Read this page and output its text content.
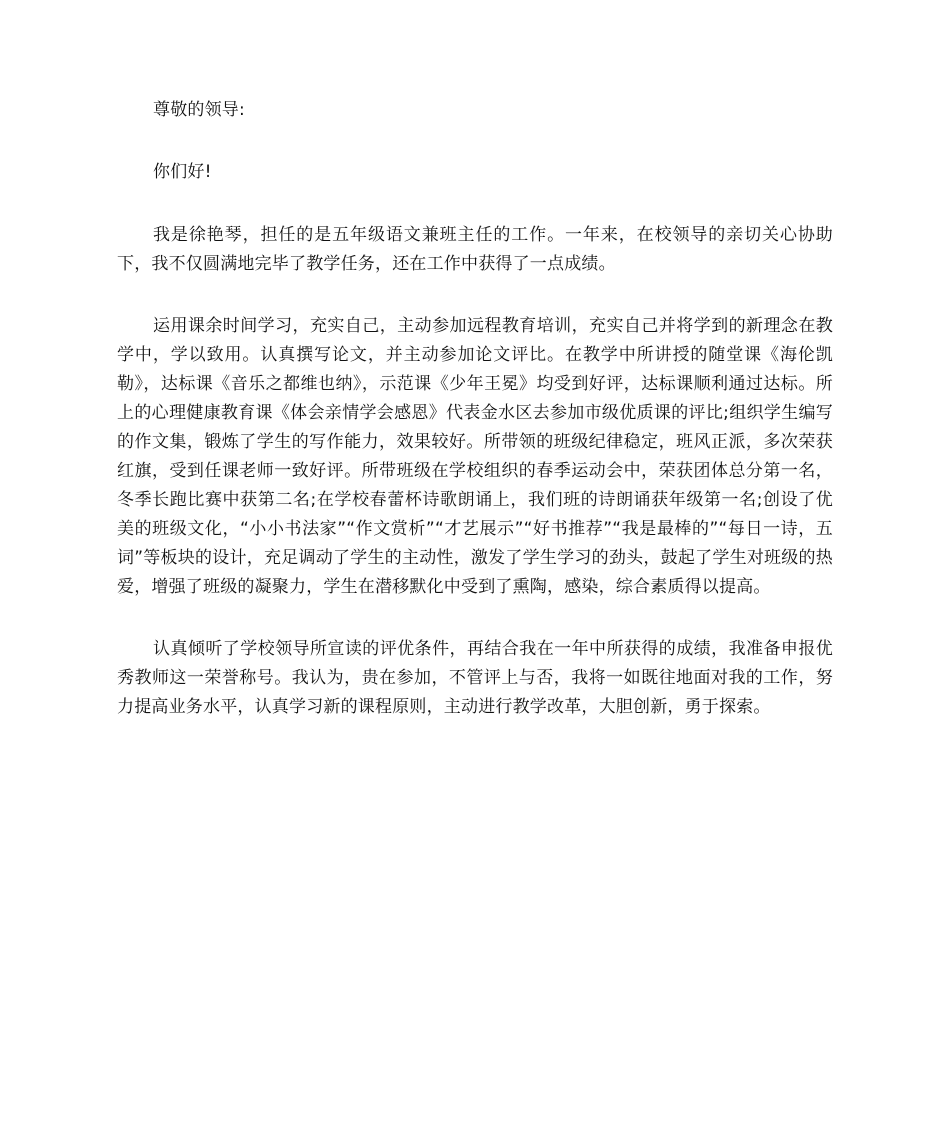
尊敬的领导:

你们好!

我是徐艳琴，担任的是五年级语文兼班主任的工作。一年来，在校领导的亲切关心协助下，我不仅圆满地完毕了教学任务，还在工作中获得了一点成绩。

运用课余时间学习，充实自己，主动参加远程教育培训，充实自己并将学到的新理念在教学中，学以致用。认真撰写论文，并主动参加论文评比。在教学中所讲授的随堂课《海伦凯勒》，达标课《音乐之都维也纳》，示范课《少年王冕》均受到好评，达标课顺利通过达标。所上的心理健康教育课《体会亲情学会感恩》代表金水区去参加市级优质课的评比;组织学生编写的作文集，锻炼了学生的写作能力，效果较好。所带领的班级纪律稳定，班风正派，多次荣获红旗，受到任课老师一致好评。所带班级在学校组织的春季运动会中，荣获团体总分第一名，冬季长跑比赛中获第二名;在学校春蕾杯诗歌朗诵上，我们班的诗朗诵获年级第一名;创设了优美的班级文化，“小小书法家”“作文赏析”“才艺展示”“好书推荐”“我是最棒的”“每日一诗，五词”等板块的设计，充足调动了学生的主动性，激发了学生学习的劲头，鼓起了学生对班级的热爱，增强了班级的凝聚力，学生在潜移默化中受到了熏陶，感染，综合素质得以提高。

认真倾听了学校领导所宣读的评优条件，再结合我在一年中所获得的成绩，我准备申报优秀教师这一荣誉称号。我认为，贵在参加，不管评上与否，我将一如既往地面对我的工作，努力提高业务水平，认真学习新的课程原则，主动进行教学改革，大胆创新，勇于探索。
